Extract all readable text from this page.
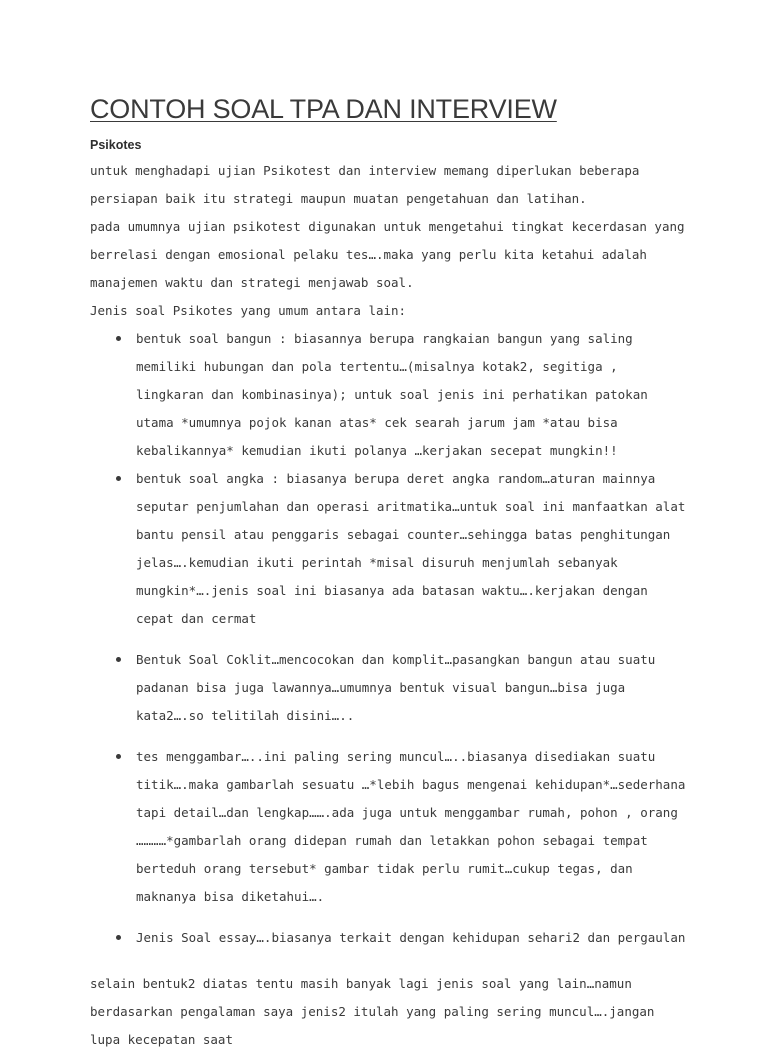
CONTOH SOAL TPA DAN INTERVIEW
Psikotes

untuk menghadapi ujian Psikotest dan interview memang diperlukan beberapa persiapan baik itu strategi maupun muatan pengetahuan dan latihan.

pada umumnya ujian psikotest digunakan untuk mengetahui tingkat kecerdasan yang berrelasi dengan emosional pelaku tes….maka yang perlu kita ketahui adalah manajemen waktu dan strategi menjawab soal.

Jenis soal Psikotes yang umum antara lain:

bentuk soal bangun : biasannya berupa rangkaian bangun yang saling memiliki hubungan dan pola tertentu…(misalnya kotak2, segitiga , lingkaran dan kombinasinya); untuk soal jenis ini perhatikan patokan utama *umumnya pojok kanan atas* cek searah jarum jam *atau bisa kebalikannya* kemudian ikuti polanya …kerjakan secepat mungkin!!
bentuk soal angka : biasanya berupa deret angka random…aturan mainnya seputar penjumlahan dan operasi aritmatika…untuk soal ini manfaatkan alat bantu pensil atau penggaris sebagai counter…sehingga batas penghitungan jelas….kemudian ikuti perintah *misal disuruh menjumlah sebanyak mungkin*….jenis soal ini biasanya ada batasan waktu….kerjakan dengan cepat dan cermat
Bentuk Soal Coklit…mencocokan dan komplit…pasangkan bangun atau suatu padanan bisa juga lawannya…umumnya bentuk visual bangun…bisa juga kata2….so telitilah disini…..
tes menggambar…..ini paling sering muncul…..biasanya disediakan suatu titik….maka gambarlah sesuatu …*lebih bagus mengenai kehidupan*…sederhana tapi detail…dan lengkap…….ada juga untuk menggambar rumah, pohon , orang …………*gambarlah orang didepan rumah dan letakkan pohon sebagai tempat berteduh orang tersebut* gambar tidak perlu rumit…cukup tegas, dan maknanya bisa diketahui….
Jenis Soal essay….biasanya terkait dengan kehidupan sehari2 dan pergaulan

selain bentuk2 diatas tentu masih banyak lagi jenis soal yang lain…namun berdasarkan pengalaman saya jenis2 itulah yang paling sering muncul….jangan lupa kecepatan saat
